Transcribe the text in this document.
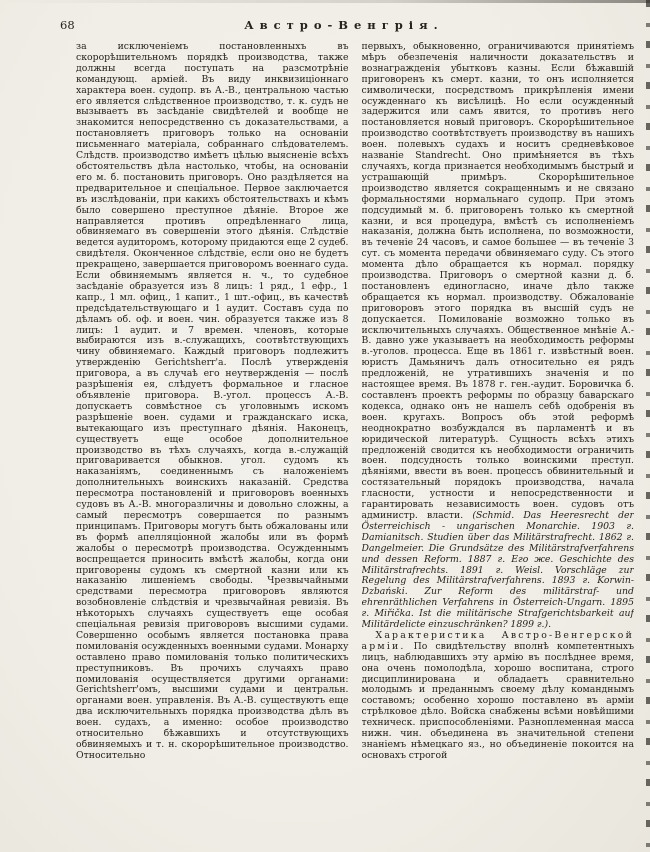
68	Австро-Венгрія.

за исключеніемъ постановленныхъ въ скорорѣшительномъ порядкѣ производства, также должны всегда поступать на разсмотрѣніе командующ. арміей. Въ виду инквизиціоннаго характера воен. судопр. въ А.-В., центральною частью его является слѣдственное производство, т. к. судъ не вызываетъ въ засѣданіе свидѣтелей и вообще не знакомится непосредственно съ доказательствами, а постановляетъ приговоръ только на основаніи письменнаго матеріала, собраннаго слѣдователемъ. Слѣдств. производство имѣетъ цѣлью выясненіе всѣхъ обстоятельствъ дѣла настолько, чтобы, на основаніи его м. б. постановить приговоръ. Оно раздѣляется на предварительное и спеціальное. Первое заключается въ изслѣдованіи, при какихъ обстоятельствахъ и кѣмъ было совершено преступное дѣяніе. Второе же направляется противъ опредѣленнаго лица, обвиняемаго въ совершеніи этого дѣянія. Слѣдствіе ведется аудиторомъ, которому придаются еще 2 судеб. свидѣтеля. Оконченное слѣдствіе, если оно не будетъ прекращено, завершается приговоромъ военнаго суда. Если обвиняемымъ является н. ч., то судебное засѣданіе образуется изъ 8 лицъ: 1 ряд., 1 ефр., 1 капр., 1 мл. офиц., 1 капит., 1 шт.-офиц., въ качествѣ предсѣдательствующаго и 1 аудит. Составъ суда по дѣламъ об. оф. и воен. чин. образуется также изъ 8 лицъ: 1 аудит. и 7 времен. членовъ, которые выбираются изъ в.-служащихъ, соотвѣтствующихъ чину обвиняемаго. Каждый приговоръ подлежитъ утвержденію Gerichtsherr'а. Послѣ утвержденія приговора, а въ случаѣ его неутвержденія — послѣ разрѣшенія ея, слѣдуетъ формальное и гласное объявленіе приговора. В.-угол. процессъ А.-В. допускаетъ совмѣстное съ уголовнымъ искомъ разрѣшеніе воен. судами и гражданскаго иска, вытекающаго изъ преступнаго дѣянія. Наконецъ, существуетъ еще особое дополнительное производство въ тѣхъ случаяхъ, когда в.-служащій приговаривается обыкнов. угол. судомъ къ наказаніямъ, соединеннымъ съ наложеніемъ дополнительныхъ воинскихъ наказаній. Средства пересмотра постановленій и приговоровъ военныхъ судовъ въ А.-В. многоразличны и довольно сложны, а самый пересмотръ совершается по разнымъ принципамъ. Приговоры могутъ быть обжалованы или въ формѣ апелляціонной жалобы или въ формѣ жалобы о пересмотрѣ производства. Осужденнымъ воспрещается приносить вмѣстѣ жалобы, когда они приговорены судомъ къ смертной казни или къ наказанію лишеніемъ свободы. Чрезвычайными средствами пересмотра приговоровъ являются возобновленіе слѣдствія и чрезвычайная ревизія. Въ нѣкоторыхъ случаяхъ существуетъ еще особая спеціальная ревизія приговоровъ высшими судами. Совершенно особымъ является постановка права помилованія осужденныхъ военными судами. Монарху оставлено право помилованія только политическихъ преступниковъ. Въ прочихъ случаяхъ право помилованія осуществляется другими органами: Gerichtsherr'омъ, высшими судами и центральн. органами воен. управленія. Въ А.-В. существуютъ еще два исключительныхъ порядка производства дѣлъ въ воен. судахъ, а именно: особое производство относительно бѣжавшихъ и отсутствующихъ обвиняемыхъ и т. н. скорорѣшительное производство. Относительно

первыхъ, обыкновенно, ограничиваются принятіемъ мѣръ обезпеченія наличности доказательствъ и вознагражденія убытковъ казны. Если бѣжавшій приговоренъ къ смерт. казни, то онъ исполняется символически, посредствомъ прикрѣпленія имени осужденнаго къ висѣлицѣ. Но если осужденный задержится или самъ явится, то противъ него постановляется новый приговоръ. Скорорѣшительное производство соотвѣтствуетъ производству въ нашихъ воен. полевыхъ судахъ и носитъ средневѣковое названіе Standrecht. Оно примѣняется въ тѣхъ случаяхъ, когда признается необходимымъ быстрый и устрашающій примѣръ. Скорорѣшительное производство является сокращеннымъ и не связано формальностями нормальнаго судопр. При этомъ подсудимый м. б. приговоренъ только къ смертной казни, и вся процедура, вмѣстѣ съ исполненіемъ наказанія, должна быть исполнена, по возможности, въ теченіе 24 часовъ, и самое большее — въ теченіе 3 сут. съ момента передачи обвиняемаго суду. Съ этого момента дѣло обращается къ нормал. порядку производства. Приговоръ о смертной казни д. б. постановленъ единогласно, иначе дѣло также обращается къ нормал. производству. Обжалованіе приговоровъ этого порядка въ высшій судъ не допускается. Помилованіе возможно только въ исключительныхъ случаяхъ. Общественное мнѣніе А.-В. давно уже указываетъ на необходимость реформы в.-уголов. процесса. Еще въ 1861 г. извѣстный воен. юристъ Дамьяничъ далъ относительно ея рядъ предложеній, не утратившихъ значенія и по настоящее время. Въ 1878 г. ген.-аудит. Боровичка б. составленъ проектъ реформы по образцу баварскаго кодекса, однако онъ не нашелъ себѣ одобренія въ воен. кругахъ. Вопросъ объ этой реформѣ неоднократно возбуждался въ парламентѣ и въ юридической литературѣ. Сущность всѣхъ этихъ предложеній сводится къ необходимости ограничить воен. подсудность только воинскими преступ. дѣяніями, ввести въ воен. процессъ обвинительный и состязательный порядокъ производства, начала гласности, устности и непосредственности и гарантировать независимость воен. судовъ отъ администр. власти. (Schmid. Das Heeresrecht der Österreichisch - ungarischen Monarchie. 1903 г. Damianitsch. Studien über das Militärstrafrecht. 1862 г. Dangelmeier. Die Grundsätze des Militärstrafverfahrens und dessen Reform. 1887 г. Его же. Geschichte des Militärstrafrechts. 1891 г. Weisl. Vorschläge zur Regelung des Militärstrafverfahrens. 1893 г. Korwin-Dzbański. Zur Reform des militärstraf- und ehrenräthlichen Verfahrens in Österreich-Ungarn. 1895 г. Miřička. Ist die militärische Strafgerichtsbarkeit auf Militärdelicte einzuschränken? 1899 г.).

Характеристика Австро-Венгерской арміи. По свидѣтельству вполнѣ компетентныхъ лицъ, наблюдавшихъ эту армію въ послѣднее время, она очень помолодѣла, хорошо воспитана, строго дисциплинирована и обладаетъ сравнительно молодымъ и преданнымъ своему дѣлу команднымъ составомъ; особенно хорошо поставлено въ арміи стрѣлковое дѣло. Войска снабжены всѣми новѣйшими техническ. приспособленіями. Разноплеменная масса нижн. чин. объединена въ значительной степени знаніемъ нѣмецкаго яз., но объединеніе покоится на основахъ строгой
